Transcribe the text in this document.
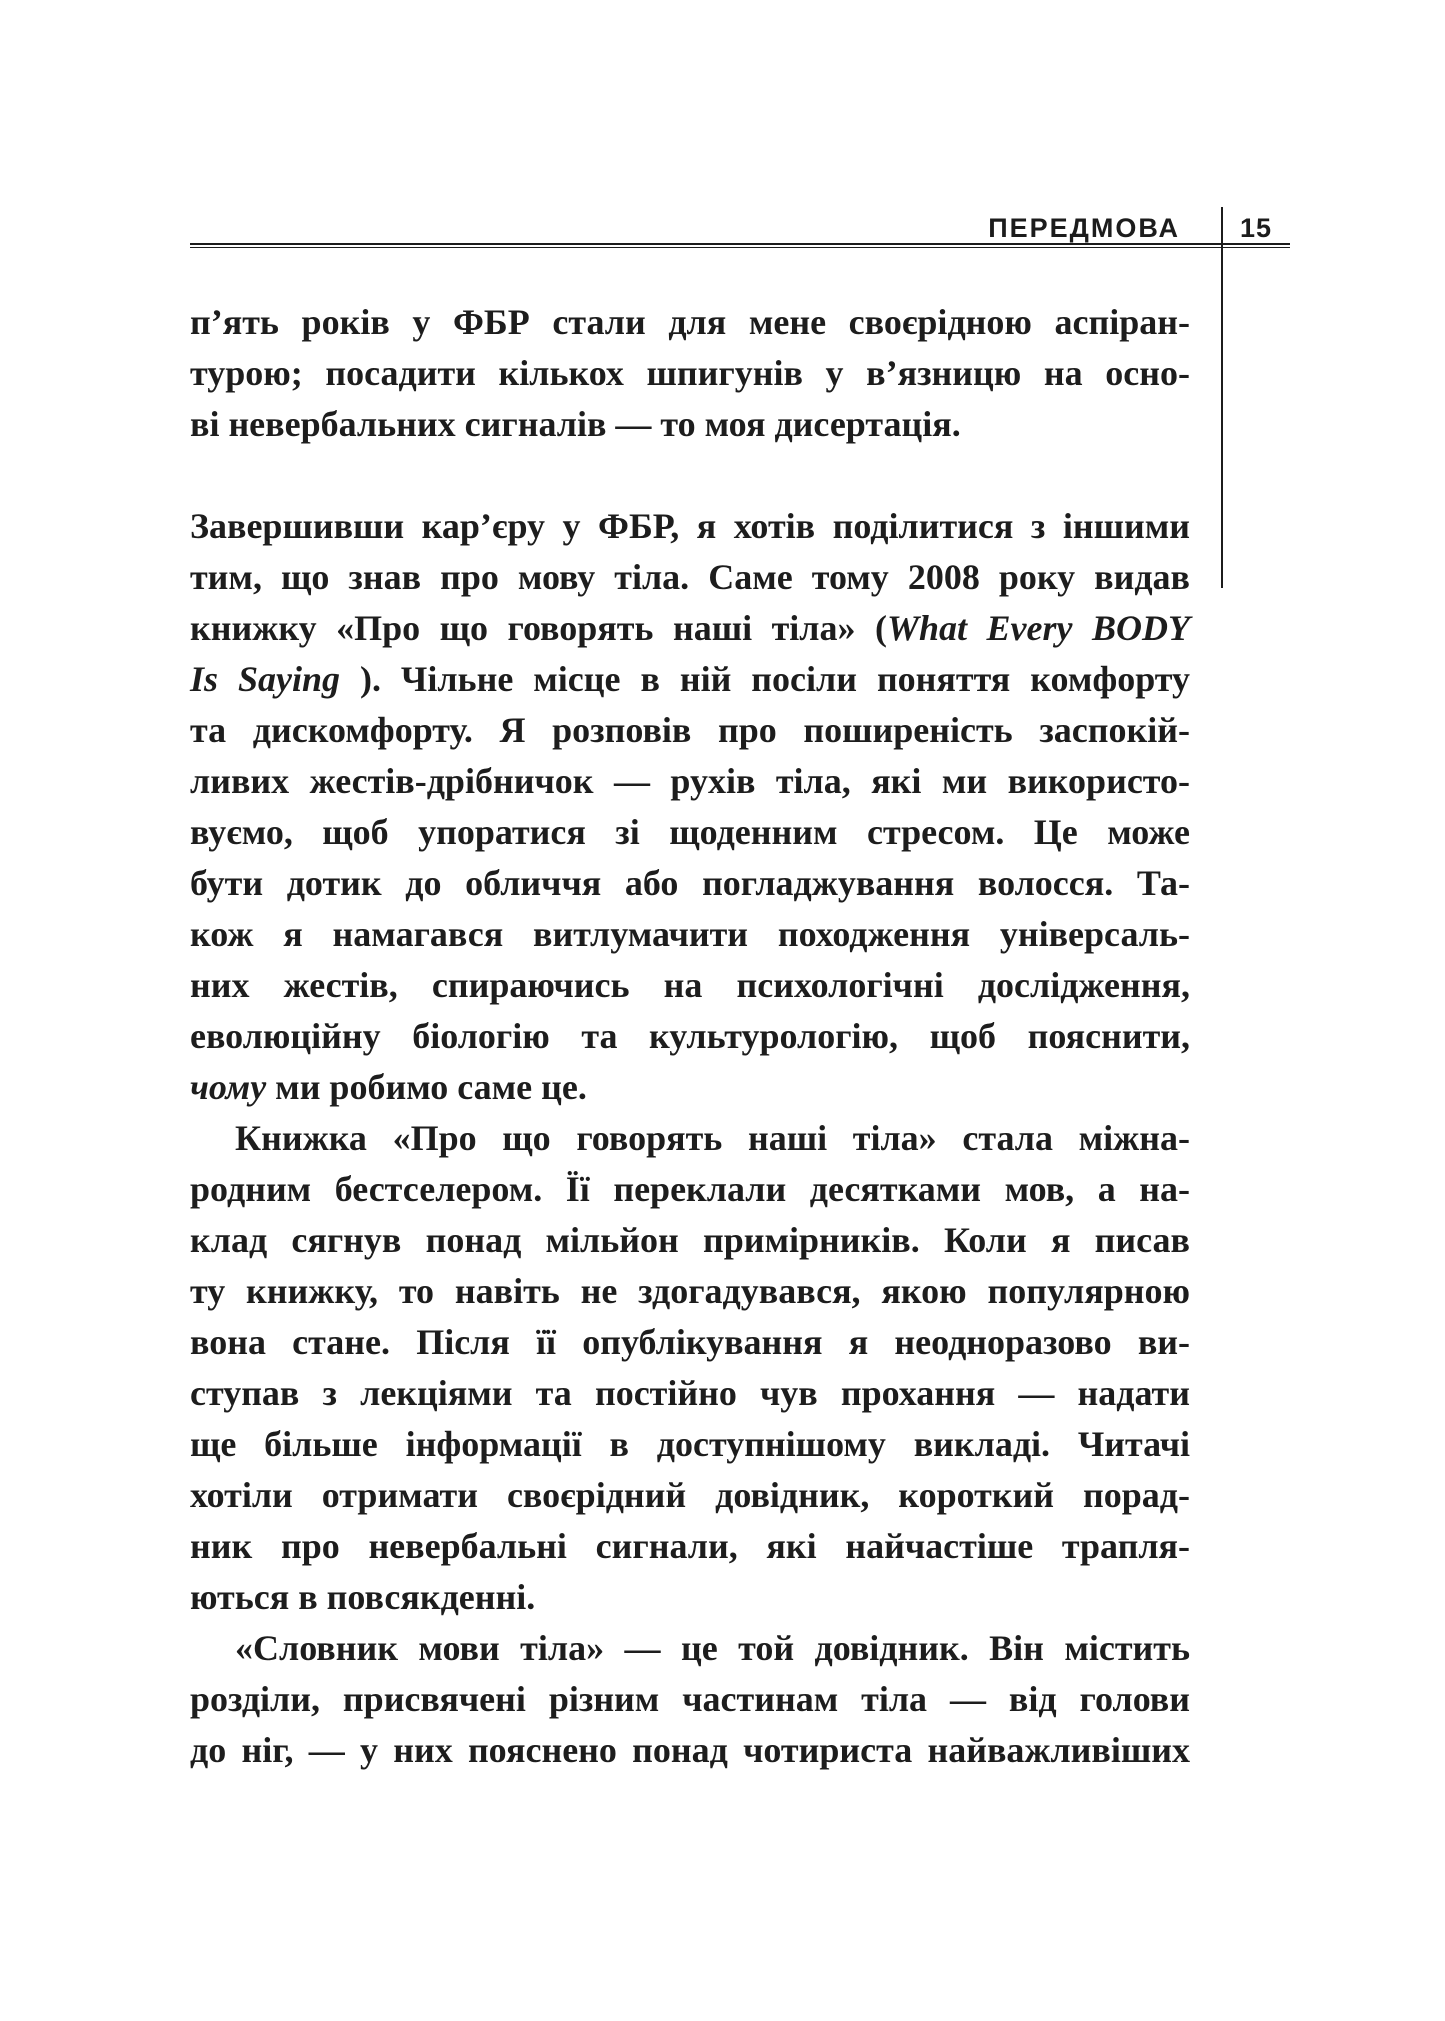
ПЕРЕДМОВА	15
п’ять років у ФБР стали для мене своєрідною аспіран-
турою; посадити кількох шпигунів у в’язницю на осно-
ві невербальних сигналів — то моя дисертація.
Завершивши кар’єру у ФБР, я хотів поділитися з іншими
тим, що знав про мову тіла. Саме тому 2008 року видав
книжку «Про що говорять наші тіла» (What Every BODY
Is Saying ). Чільне місце в ній посіли поняття комфорту
та дискомфорту. Я розповів про поширеність заспокій-
ливих жестів-дрібничок — рухів тіла, які ми використо-
вуємо, щоб упоратися зі щоденним стресом. Це може
бути дотик до обличчя або погладжування волосся. Та-
кож я намагався витлумачити походження універсаль-
них жестів, спираючись на психологічні дослідження,
еволюційну біологію та культурологію, щоб пояснити,
чому ми робимо саме це.
Книжка «Про що говорять наші тіла» стала міжна-
родним бестселером. Її переклали десятками мов, а на-
клад сягнув понад мільйон примірників. Коли я писав
ту книжку, то навіть не здогадувався, якою популярною
вона стане. Після її опублікування я неодноразово ви-
ступав з лекціями та постійно чув прохання — надати
ще більше інформації в доступнішому викладі. Читачі
хотіли отримати своєрідний довідник, короткий порад-
ник про невербальні сигнали, які найчастіше трапля-
ються в повсякденні.
«Словник мови тіла» — це той довідник. Він містить
розділи, присвячені різним частинам тіла — від голови
до ніг, — у них пояснено понад чотириста найважливіших
